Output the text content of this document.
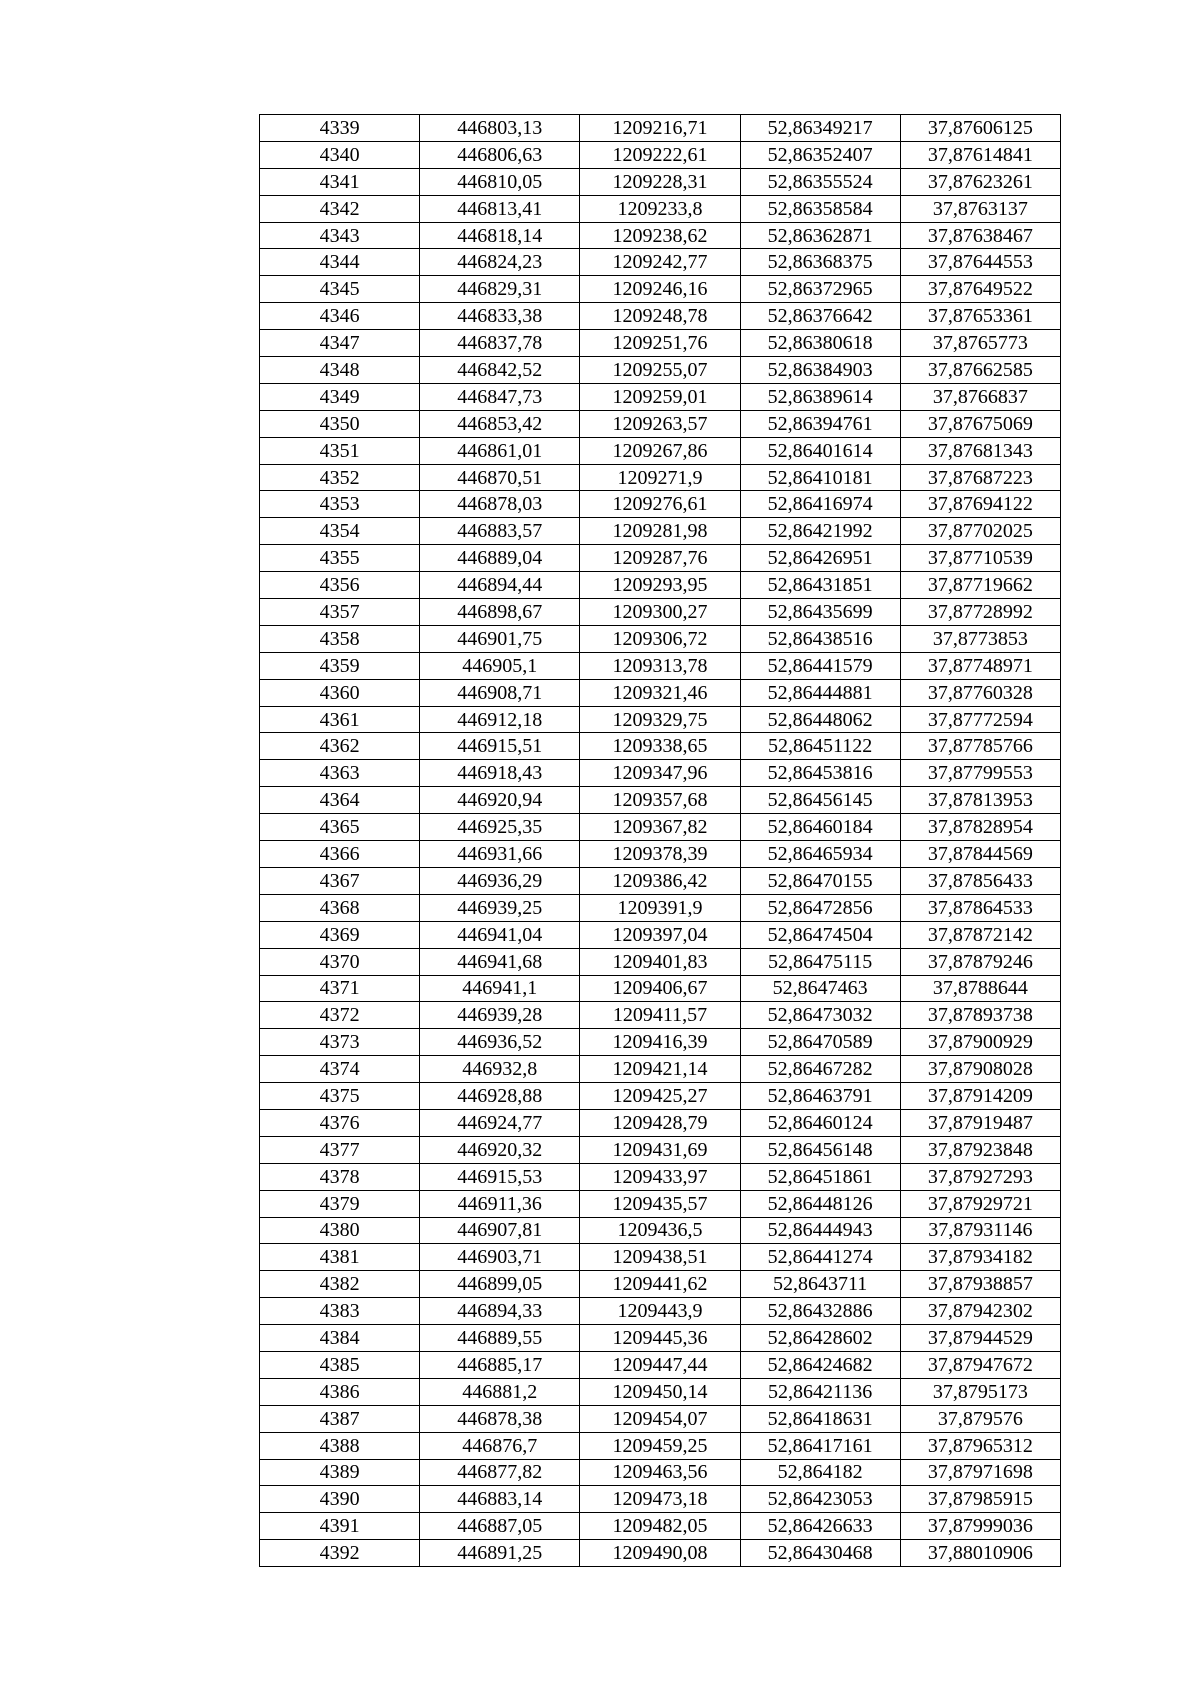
4339	446803,13	1209216,71	52,86349217	37,87606125
4340	446806,63	1209222,61	52,86352407	37,87614841
4341	446810,05	1209228,31	52,86355524	37,87623261
4342	446813,41	1209233,8	52,86358584	37,8763137
4343	446818,14	1209238,62	52,86362871	37,87638467
4344	446824,23	1209242,77	52,86368375	37,87644553
4345	446829,31	1209246,16	52,86372965	37,87649522
4346	446833,38	1209248,78	52,86376642	37,87653361
4347	446837,78	1209251,76	52,86380618	37,8765773
4348	446842,52	1209255,07	52,86384903	37,87662585
4349	446847,73	1209259,01	52,86389614	37,8766837
4350	446853,42	1209263,57	52,86394761	37,87675069
4351	446861,01	1209267,86	52,86401614	37,87681343
4352	446870,51	1209271,9	52,86410181	37,87687223
4353	446878,03	1209276,61	52,86416974	37,87694122
4354	446883,57	1209281,98	52,86421992	37,87702025
4355	446889,04	1209287,76	52,86426951	37,87710539
4356	446894,44	1209293,95	52,86431851	37,87719662
4357	446898,67	1209300,27	52,86435699	37,87728992
4358	446901,75	1209306,72	52,86438516	37,8773853
4359	446905,1	1209313,78	52,86441579	37,87748971
4360	446908,71	1209321,46	52,86444881	37,87760328
4361	446912,18	1209329,75	52,86448062	37,87772594
4362	446915,51	1209338,65	52,86451122	37,87785766
4363	446918,43	1209347,96	52,86453816	37,87799553
4364	446920,94	1209357,68	52,86456145	37,87813953
4365	446925,35	1209367,82	52,86460184	37,87828954
4366	446931,66	1209378,39	52,86465934	37,87844569
4367	446936,29	1209386,42	52,86470155	37,87856433
4368	446939,25	1209391,9	52,86472856	37,87864533
4369	446941,04	1209397,04	52,86474504	37,87872142
4370	446941,68	1209401,83	52,86475115	37,87879246
4371	446941,1	1209406,67	52,8647463	37,8788644
4372	446939,28	1209411,57	52,86473032	37,87893738
4373	446936,52	1209416,39	52,86470589	37,87900929
4374	446932,8	1209421,14	52,86467282	37,87908028
4375	446928,88	1209425,27	52,86463791	37,87914209
4376	446924,77	1209428,79	52,86460124	37,87919487
4377	446920,32	1209431,69	52,86456148	37,87923848
4378	446915,53	1209433,97	52,86451861	37,87927293
4379	446911,36	1209435,57	52,86448126	37,87929721
4380	446907,81	1209436,5	52,86444943	37,87931146
4381	446903,71	1209438,51	52,86441274	37,87934182
4382	446899,05	1209441,62	52,8643711	37,87938857
4383	446894,33	1209443,9	52,86432886	37,87942302
4384	446889,55	1209445,36	52,86428602	37,87944529
4385	446885,17	1209447,44	52,86424682	37,87947672
4386	446881,2	1209450,14	52,86421136	37,8795173
4387	446878,38	1209454,07	52,86418631	37,879576
4388	446876,7	1209459,25	52,86417161	37,87965312
4389	446877,82	1209463,56	52,864182	37,87971698
4390	446883,14	1209473,18	52,86423053	37,87985915
4391	446887,05	1209482,05	52,86426633	37,87999036
4392	446891,25	1209490,08	52,86430468	37,88010906
